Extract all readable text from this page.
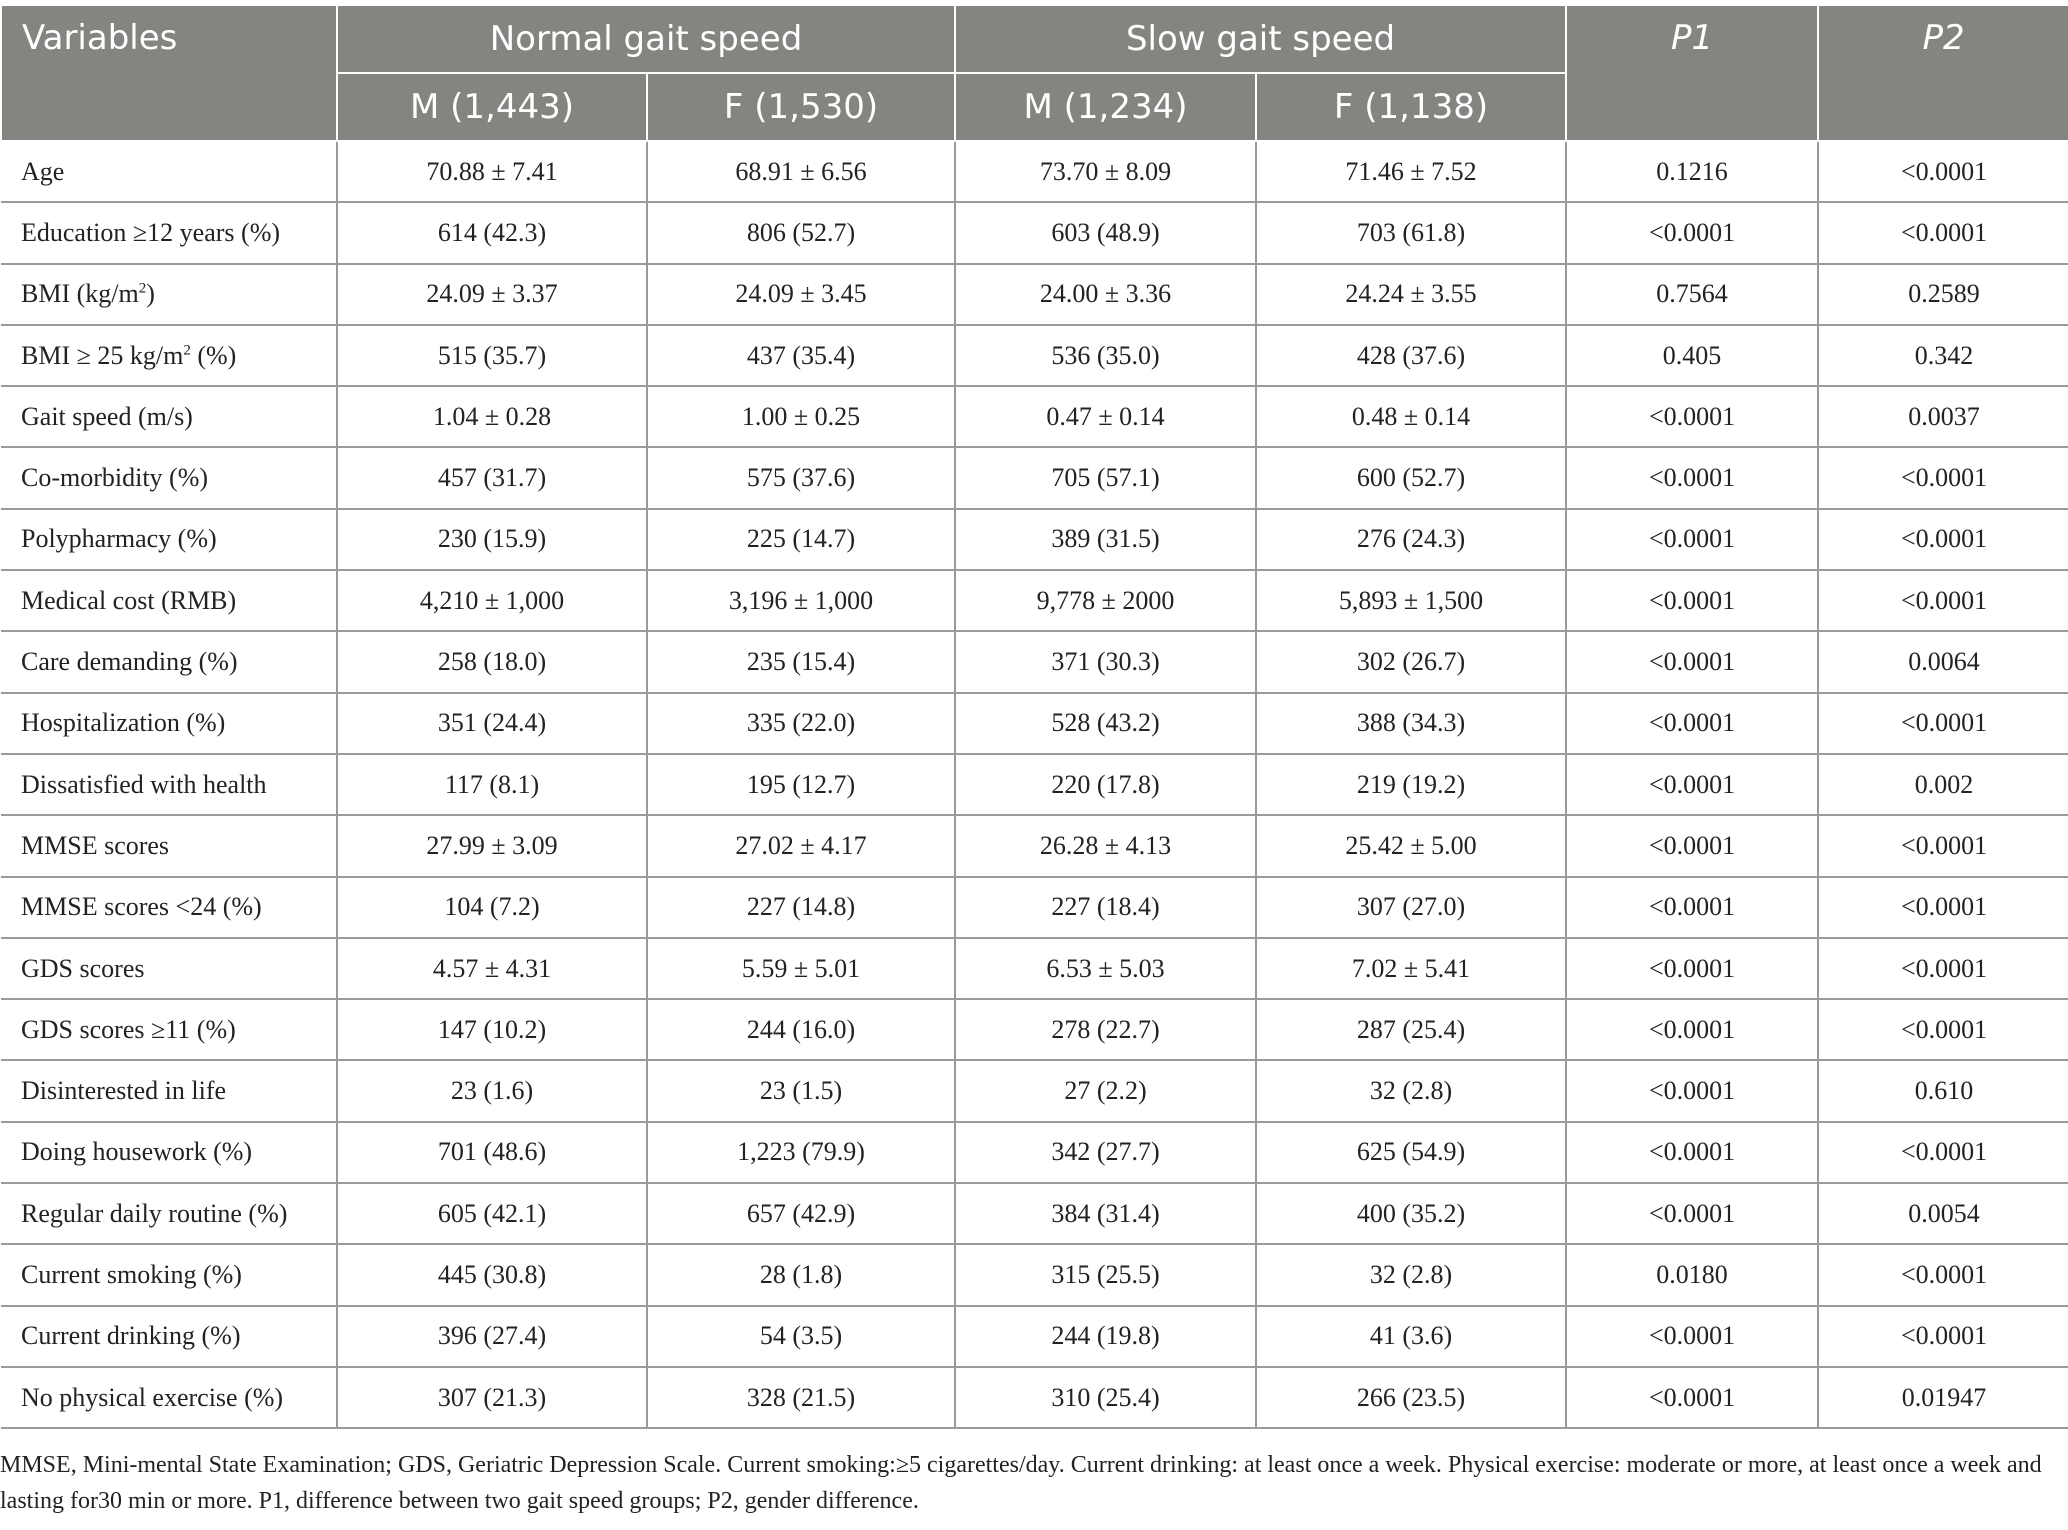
Variables	Normal gait speed		Slow gait speed		P1	P2
	M (1,443)	F (1,530)	M (1,234)	F (1,138)		
Age	70.88 ± 7.41	68.91 ± 6.56	73.70 ± 8.09	71.46 ± 7.52	0.1216	<0.0001
Education ≥12 years (%)	614 (42.3)	806 (52.7)	603 (48.9)	703 (61.8)	<0.0001	<0.0001
BMI $(kg/m^2)$	24.09 ± 3.37	24.09 ± 3.45	24.00 ± 3.36	24.24 ± 3.55	0.7564	0.2589
BMI ≥ 25 $kg/m^2$ (%)	515 (35.7)	437 (35.4)	536 (35.0)	428 (37.6)	0.405	0.342
Gait speed (m/s)	1.04 ± 0.28	1.00 ± 0.25	0.47 ± 0.14	0.48 ± 0.14	<0.0001	0.0037
Co-morbidity (%)	457 (31.7)	575 (37.6)	705 (57.1)	600 (52.7)	<0.0001	<0.0001
Polypharmacy (%)	230 (15.9)	225 (14.7)	389 (31.5)	276 (24.3)	<0.0001	<0.0001
Medical cost (RMB)	4,210 ± 1,000	3,196 ± 1,000	9,778 ± 2000	5,893 ± 1,500	<0.0001	<0.0001
Care demanding (%)	258 (18.0)	235 (15.4)	371 (30.3)	302 (26.7)	<0.0001	0.0064
Hospitalization (%)	351 (24.4)	335 (22.0)	528 (43.2)	388 (34.3)	<0.0001	<0.0001
Dissatisfied with health	117 (8.1)	195 (12.7)	220 (17.8)	219 (19.2)	<0.0001	0.002
MMSE scores	27.99 ± 3.09	27.02 ± 4.17	26.28 ± 4.13	25.42 ± 5.00	<0.0001	<0.0001
MMSE scores <24 (%)	104 (7.2)	227 (14.8)	227 (18.4)	307 (27.0)	<0.0001	<0.0001
GDS scores	4.57 ± 4.31	5.59 ± 5.01	6.53 ± 5.03	7.02 ± 5.41	<0.0001	<0.0001
GDS scores ≥11 (%)	147 (10.2)	244 (16.0)	278 (22.7)	287 (25.4)	<0.0001	<0.0001
Disinterested in life	23 (1.6)	23 (1.5)	27 (2.2)	32 (2.8)	<0.0001	0.610
Doing housework (%)	701 (48.6)	1,223 (79.9)	342 (27.7)	625 (54.9)	<0.0001	<0.0001
Regular daily routine (%)	605 (42.1)	657 (42.9)	384 (31.4)	400 (35.2)	<0.0001	0.0054
Current smoking (%)	445 (30.8)	28 (1.8)	315 (25.5)	32 (2.8)	0.0180	<0.0001
Current drinking (%)	396 (27.4)	54 (3.5)	244 (19.8)	41 (3.6)	<0.0001	<0.0001
No physical exercise (%)	307 (21.3)	328 (21.5)	310 (25.4)	266 (23.5)	<0.0001	0.01947
MMSE, Mini-mental State Examination; GDS, Geriatric Depression Scale. Current smoking:≥5 cigarettes/day. Current drinking: at least once a week. Physical exercise: moderate or more, at least once a week and lasting for30 min or more. P1, difference between two gait speed groups; P2, gender difference.
